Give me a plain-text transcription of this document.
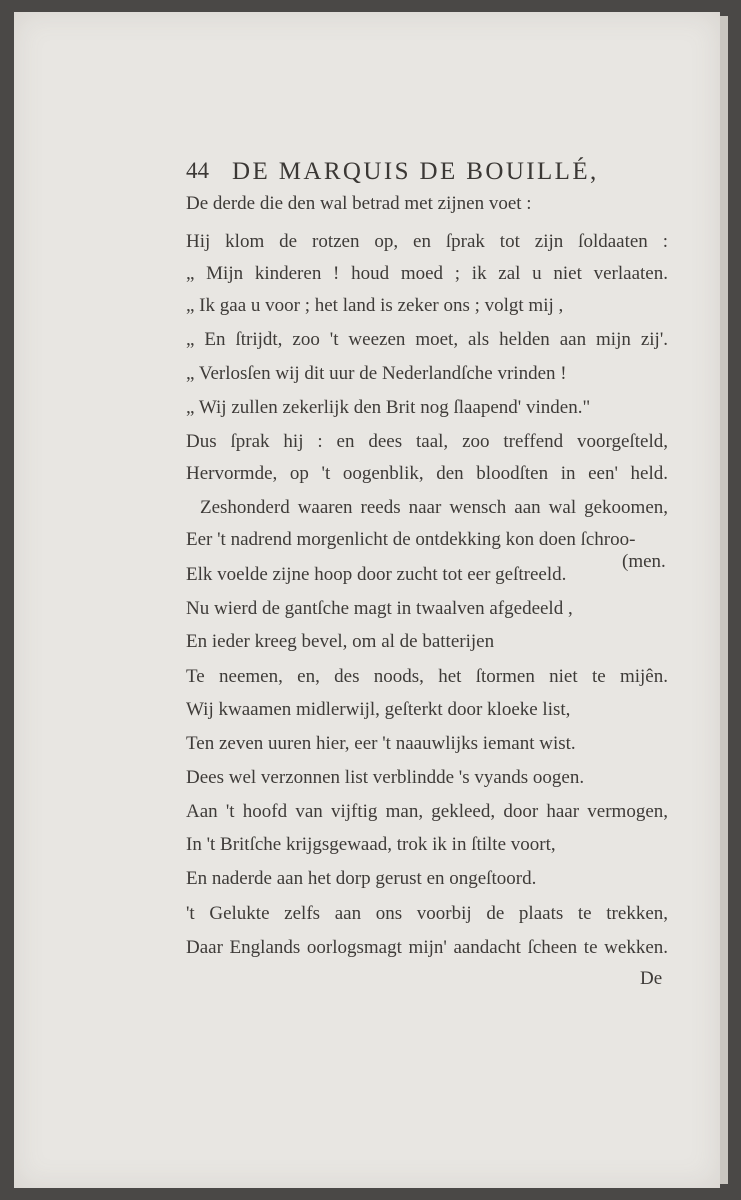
44 DE MARQUIS DE BOUILLÉ,
De derde die den wal betrad met zijnen voet :
Hij klom de rotzen op, en ſprak tot zijn ſoldaaten :
„ Mijn kinderen ! houd moed ; ik zal u niet verlaaten.
„ Ik gaa u voor ; het land is zeker ons ; volgt mij ,
„ En ſtrijdt, zoo 't weezen moet, als helden aan mijn zij'.
„ Verlosſen wij dit uur de Nederlandſche vrinden !
„ Wij zullen zekerlijk den Brit nog ſlaapend' vinden."
Dus ſprak hij : en dees taal, zoo treffend voorgeſteld,
Hervormde, op 't oogenblik, den bloodſten in een' held.
Zeshonderd waaren reeds naar wensch aan wal gekoomen,
Eer 't nadrend morgenlicht de ontdekking kon doen ſchroo-
Elk voelde zijne hoop door zucht tot eer geſtreeld.
Nu wierd de gantſche magt in twaalven afgedeeld ,
En ieder kreeg bevel, om al de batterijen
Te neemen, en, des noods, het ſtormen niet te mijên.
Wij kwaamen midlerwijl, geſterkt door kloeke list,
Ten zeven uuren hier, eer 't naauwlijks iemant wist.
Dees wel verzonnen list verblindde 's vyands oogen.
Aan 't hoofd van vijftig man, gekleed, door haar vermogen,
In 't Britſche krijgsgewaad, trok ik in ſtilte voort,
En naderde aan het dorp gerust en ongeſtoord.
't Gelukte zelfs aan ons voorbij de plaats te trekken,
Daar Englands oorlogsmagt mijn' aandacht ſcheen te wekken.
(men.
De
